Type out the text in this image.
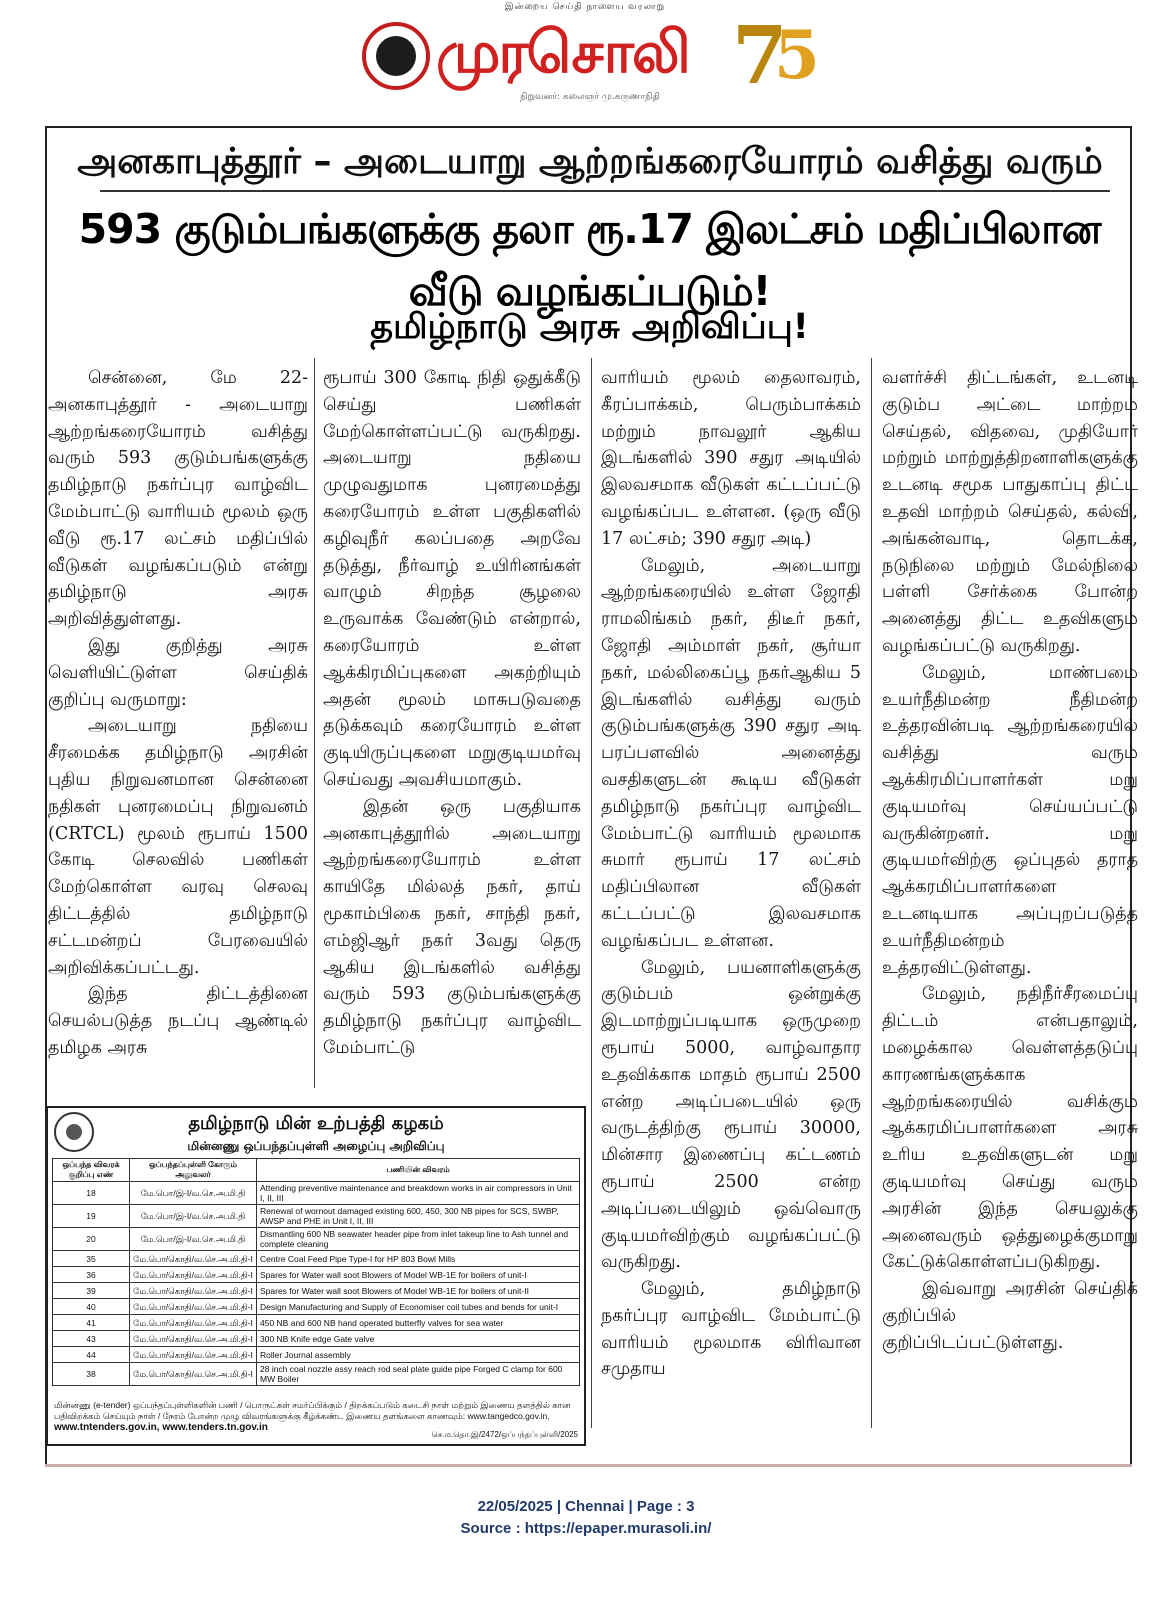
இன்றைய செய்தி நாளைய வரலாறு
முரசொலி
நிறுவனர்: கலைஞர் மு.கருணாநிதி 7
5
அனகாபுத்தூர் – அடையாறு ஆற்றங்கரையோரம் வசித்து வரும்
593 குடும்பங்களுக்கு தலா ரூ.17 இலட்சம் மதிப்பிலான வீடு வழங்கப்படும்!
தமிழ்நாடு அரசு அறிவிப்பு!

சென்னை, மே 22- அனகாபுத்தூர் - அடையாறு ஆற்றங்கரையோரம் வசித்து வரும் 593 குடும்பங்களுக்கு தமிழ்நாடு நகர்ப்புர வாழ்விட மேம்பாட்டு வாரியம் மூலம் ஒரு வீடு ரூ.17 லட்சம் மதிப்பில் வீடுகள் வழங்கப்படும் என்று தமிழ்நாடு அரசு அறிவித்துள்ளது.

இது குறித்து அரசு வெளியிட்டுள்ள செய்திக் குறிப்பு வருமாறு:

அடையாறு நதியை சீரமைக்க தமிழ்நாடு அரசின் புதிய நிறுவனமான சென்னை நதிகள் புனரமைப்பு நிறுவனம் (CRTCL) மூலம் ரூபாய் 1500 கோடி செலவில் பணிகள் மேற்கொள்ள வரவு செலவு திட்டத்தில் தமிழ்நாடு சட்டமன்றப் பேரவையில் அறிவிக்கப்பட்டது.

இந்த திட்டத்தினை செயல்படுத்த நடப்பு ஆண்டில் தமிழக அரசு

ரூபாய் 300 கோடி நிதி ஒதுக்கீடு செய்து பணிகள் மேற்கொள்ளப்பட்டு வருகிறது. அடையாறு நதியை முழுவதுமாக புனரமைத்து கரையோரம் உள்ள பகுதிகளில் கழிவுநீர் கலப்பதை அறவே தடுத்து, நீர்வாழ் உயிரினங்கள் வாழும் சிறந்த சூழலை உருவாக்க வேண்டும் என்றால், கரையோரம் உள்ள ஆக்கிரமிப்புகளை அகற்றியும் அதன் மூலம் மாசுபடுவதை தடுக்கவும் கரையோரம் உள்ள குடியிருப்புகளை மறுகுடியமர்வு செய்வது அவசியமாகும்.

இதன் ஒரு பகுதியாக அனகாபுத்தூரில் அடையாறு ஆற்றங்கரையோரம் உள்ள காயிதே மில்லத் நகர், தாய் மூகாம்பிகை நகர், சாந்தி நகர், எம்ஜிஆர் நகர் 3வது தெரு ஆகிய இடங்களில் வசித்து வரும் 593 குடும்பங்களுக்கு தமிழ்நாடு நகர்ப்புர வாழ்விட மேம்பாட்டு

வாரியம் மூலம் தைலாவரம், கீரப்பாக்கம், பெரும்பாக்கம் மற்றும் நாவலூர் ஆகிய இடங்களில் 390 சதுர அடியில் இலவசமாக வீடுகள் கட்டப்பட்டு வழங்கப்பட உள்ளன. (ஒரு வீடு 17 லட்சம்; 390 சதுர அடி)

மேலும், அடையாறு ஆற்றங்கரையில் உள்ள ஜோதி ராமலிங்கம் நகர், திடீர் நகர், ஜோதி அம்மாள் நகர், சூர்யா நகர், மல்லிகைப்பூ நகர்ஆகிய 5 இடங்களில் வசித்து வரும் குடும்பங்களுக்கு 390 சதுர அடி பரப்பளவில் அனைத்து வசதிகளுடன் கூடிய வீடுகள் தமிழ்நாடு நகர்ப்புர வாழ்விட மேம்பாட்டு வாரியம் மூலமாக சுமார் ரூபாய் 17 லட்சம் மதிப்பிலான வீடுகள் கட்டப்பட்டு இலவசமாக வழங்கப்பட உள்ளன.

மேலும், பயனாளிகளுக்கு குடும்பம் ஒன்றுக்கு இடமாற்றுப்படியாக ஒருமுறை ரூபாய் 5000, வாழ்வாதார உதவிக்காக மாதம் ரூபாய் 2500 என்ற அடிப்படையில் ஒரு வருடத்திற்கு ரூபாய் 30000, மின்சார இணைப்பு கட்டணம் ரூபாய் 2500 என்ற அடிப்படையிலும் ஒவ்வொரு குடியமர்விற்கும் வழங்கப்பட்டு வருகிறது.

மேலும், தமிழ்நாடு நகர்ப்புர வாழ்விட மேம்பாட்டு வாரியம் மூலமாக விரிவான சமுதாய

வளர்ச்சி திட்டங்கள், உடனடி குடும்ப அட்டை மாற்றம் செய்தல், விதவை, முதியோர் மற்றும் மாற்றுத்திறனாளிகளுக்கு உடனடி சமூக பாதுகாப்பு திட்ட உதவி மாற்றம் செய்தல், கல்வி, அங்கன்வாடி, தொடக்க, நடுநிலை மற்றும் மேல்நிலை பள்ளி சேர்க்கை போன்ற அனைத்து திட்ட உதவிகளும் வழங்கப்பட்டு வருகிறது.

மேலும், மாண்பமை உயர்நீதிமன்ற நீதிமன்ற உத்தரவின்படி ஆற்றங்கரையில் வசித்து வரும் ஆக்கிரமிப்பாளர்கள் மறு குடியமர்வு செய்யப்பட்டு வருகின்றனர். மறு குடியமர்விற்கு ஒப்புதல் தராத ஆக்கரமிப்பாளர்களை உடனடியாக அப்புறப்படுத்த உயர்நீதிமன்றம் உத்தரவிட்டுள்ளது.

மேலும், நதிநீர்சீரமைப்பு திட்டம் என்பதாலும், மழைக்கால வெள்ளத்தடுப்பு காரணங்களுக்காக ஆற்றங்கரையில் வசிக்கும் ஆக்கரமிப்பாளர்களை அரசு உரிய உதவிகளுடன் மறு குடியமர்வு செய்து வரும் அரசின் இந்த செயலுக்கு அனைவரும் ஒத்துழைக்குமாறு கேட்டுக்கொள்ளப்படுகிறது.

இவ்வாறு அரசின் செய்திக் குறிப்பில் குறிப்பிடப்பட்டுள்ளது.

தமிழ்நாடு மின் உற்பத்தி கழகம்
மின்னணு ஒப்பந்தப்புள்ளி அழைப்பு அறிவிப்பு
ஒப்பந்த விவரக் குறிப்பு எண்	ஒப்பந்தப்புள்ளி கோரும் அலுவலர்	பணியின் விவரம்
18	மே.பொ/இ-I/வ.செ.அ.மி.தி	Attending preventive maintenance and breakdown works in air compressors in Unit I, II, III
19	மே.பொ/இ-I/வ.செ.அ.மி.தி	Renewal of wornout damaged existing 600, 450, 300 NB pipes for SCS, SWBP, AWSP and PHE in Unit I, II, III
20	மே.பொ/இ-I/வ.செ.அ.மி.தி	Dismantling 600 NB seawater header pipe from inlet takeup line to Ash tunnel and complete cleaning
35	மே.பொ/கொதி/வ.செ.அ.மி.தி-I	Centre Coal Feed Pipe Type-I for HP 803 Bowl Mills
36	மே.பொ/கொதி/வ.செ.அ.மி.தி-I	Spares for Water wall soot Blowers of Model WB-1E for boilers of unit-I
39	மே.பொ/கொதி/வ.செ.அ.மி.தி-I	Spares for Water wall soot Blowers of Model WB-1E for boilers of unit-II
40	மே.பொ/கொதி/வ.செ.அ.மி.தி-I	Design Manufacturing and Supply of Economiser coil tubes and bends for unit-I
41	மே.பொ/கொதி/வ.செ.அ.மி.தி-I	450 NB and 600 NB hand operated butterfly valves for sea water
43	மே.பொ/கொதி/வ.செ.அ.மி.தி-I	300 NB Knife edge Gate valve
44	மே.பொ/கொதி/வ.செ.அ.மி.தி-I	Roller Journal assembly
38	மே.பொ/கொதி/வ.செ.அ.மி.தி-I	28 inch coal nozzle assy reach rod seal plate guide pipe Forged C clamp for 600 MW Boiler
மின்னணு (e-tender) ஒப்பந்தப்புள்ளிகளின் பணி / பொருட்கள் சமர்ப்பிக்கும் / திறக்கப்படும் கடைசி நாள் மற்றும் இணைய தளத்தில் கான பதிவிறக்கம் செய்யும் நாள் / நேரம் போன்ற முழு விவரங்களுக்கு கீழ்க்கண்ட இணைய தளங்களை காணவும்: www.tangedco.gov.in,
www.tntenders.gov.in, www.tenders.tn.gov.in
செ.ம.தொ.இ/2472/ஒப்பந்தப்புள்ளி/2025
22/05/2025 | Chennai | Page : 3
Source : https://epaper.murasoli.in/
